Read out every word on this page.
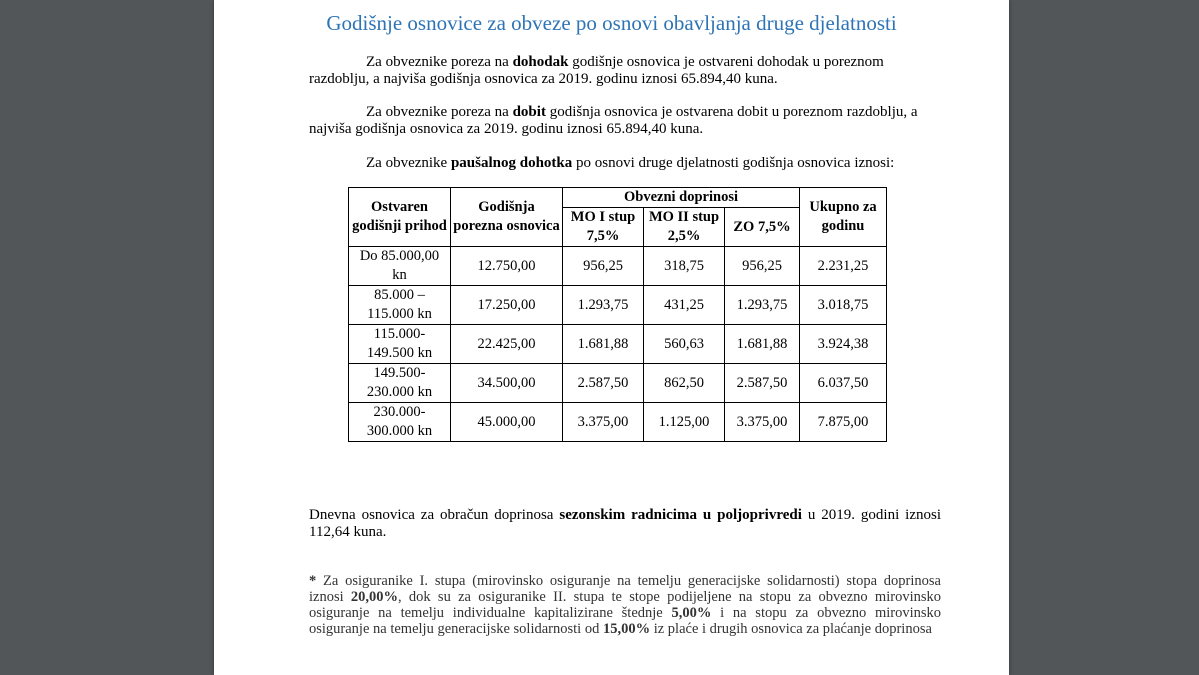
Godišnje osnovice za obveze po osnovi obavljanja druge djelatnosti
Za obveznike poreza na dohodak godišnje osnovica je ostvareni dohodak u poreznom razdoblju, a najviša godišnja osnovica za 2019. godinu iznosi 65.894,40 kuna.
Za obveznike poreza na dobit godišnja osnovica je ostvarena dobit u poreznom razdoblju, a najviša godišnja osnovica za 2019. godinu iznosi 65.894,40 kuna.
Za obveznike paušalnog dohotka po osnovi druge djelatnosti godišnja osnovica iznosi:
Ostvaren godišnji prihod	Godišnja porezna osnovica	Obvezni doprinosi			Ukupno za godinu
		MO I stup 7,5%	MO II stup 2,5%	ZO 7,5%	
Do 85.000,00 kn	12.750,00	956,25	318,75	956,25	2.231,25
85.000 – 115.000 kn	17.250,00	1.293,75	431,25	1.293,75	3.018,75
115.000-149.500 kn	22.425,00	1.681,88	560,63	1.681,88	3.924,38
149.500-230.000 kn	34.500,00	2.587,50	862,50	2.587,50	6.037,50
230.000-300.000 kn	45.000,00	3.375,00	1.125,00	3.375,00	7.875,00
Dnevna osnovica za obračun doprinosa sezonskim radnicima u poljoprivredi u 2019. godini iznosi 112,64 kuna.
* Za osiguranike I. stupa (mirovinsko osiguranje na temelju generacijske solidarnosti) stopa doprinosa iznosi 20,00%, dok su za osiguranike II. stupa te stope podijeljene na stopu za obvezno mirovinsko osiguranje na temelju individualne kapitalizirane štednje 5,00% i na stopu za obvezno mirovinsko osiguranje na temelju generacijske solidarnosti od 15,00% iz plaće i drugih osnovica za plaćanje doprinosa
